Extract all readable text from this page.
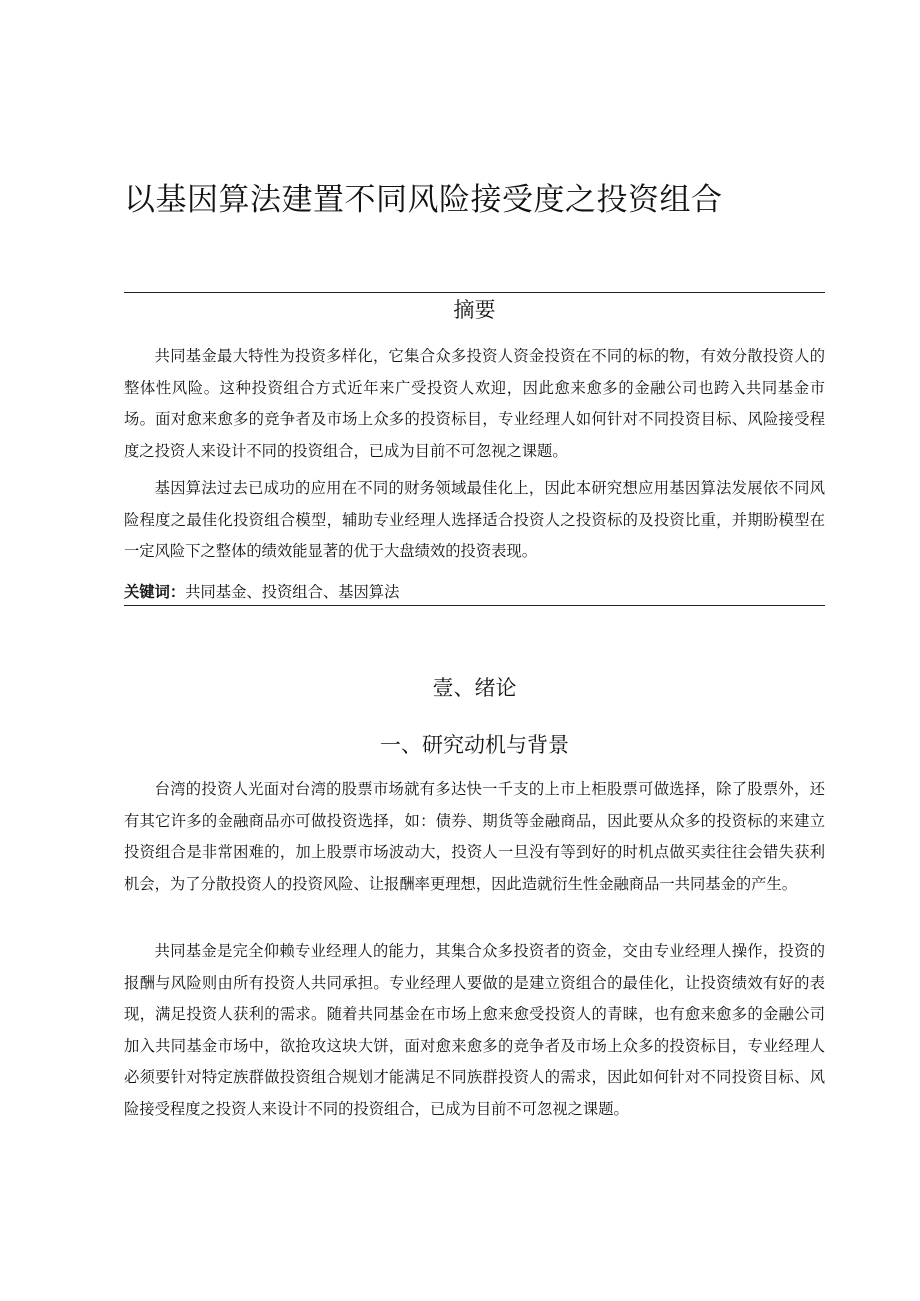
以基因算法建置不同风险接受度之投资组合
摘要

共同基金最大特性为投资多样化，它集合众多投资人资金投资在不同的标的物，有效分散投资人的整体性风险。这种投资组合方式近年来广受投资人欢迎，因此愈来愈多的金融公司也跨入共同基金市场。面对愈来愈多的竞争者及市场上众多的投资标目，专业经理人如何针对不同投资目标、风险接受程度之投资人来设计不同的投资组合，已成为目前不可忽视之课题。

基因算法过去已成功的应用在不同的财务领域最佳化上，因此本研究想应用基因算法发展依不同风险程度之最佳化投资组合模型，辅助专业经理人选择适合投资人之投资标的及投资比重，并期盼模型在一定风险下之整体的绩效能显著的优于大盘绩效的投资表现。

关键词：共同基金、投资组合、基因算法

壹、绪论
一、研究动机与背景

台湾的投资人光面对台湾的股票市场就有多达快一千支的上市上柜股票可做选择，除了股票外，还有其它许多的金融商品亦可做投资选择，如：债券、期货等金融商品，因此要从众多的投资标的来建立投资组合是非常困难的，加上股票市场波动大，投资人一旦没有等到好的时机点做买卖往往会错失获利机会，为了分散投资人的投资风险、让报酬率更理想，因此造就衍生性金融商品一共同基金的产生。

共同基金是完全仰赖专业经理人的能力，其集合众多投资者的资金，交由专业经理人操作，投资的报酬与风险则由所有投资人共同承担。专业经理人要做的是建立资组合的最佳化，让投资绩效有好的表现，满足投资人获利的需求。随着共同基金在市场上愈来愈受投资人的青睐，也有愈来愈多的金融公司加入共同基金市场中，欲抢攻这块大饼，面对愈来愈多的竞争者及市场上众多的投资标目，专业经理人必须要针对特定族群做投资组合规划才能满足不同族群投资人的需求，因此如何针对不同投资目标、风险接受程度之投资人来设计不同的投资组合，已成为目前不可忽视之课题。
